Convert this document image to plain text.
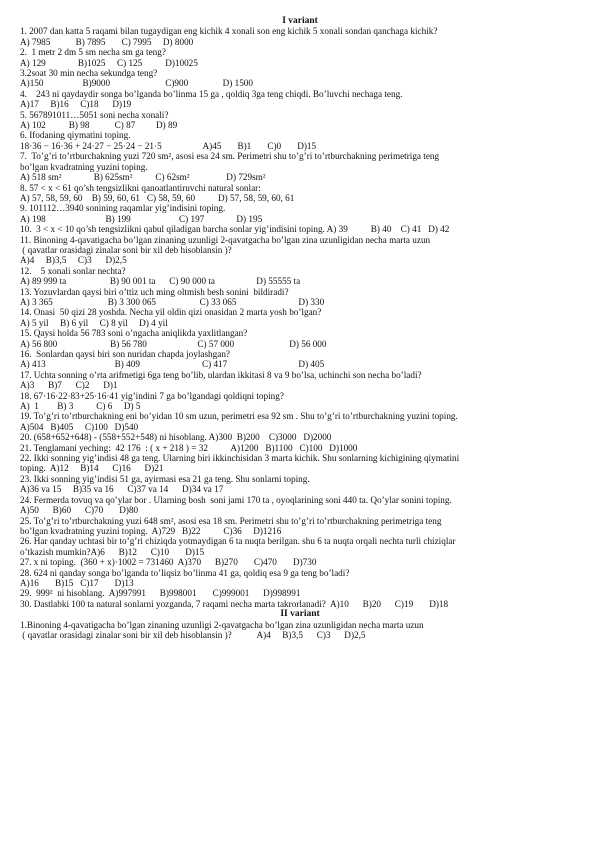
I variant
1. 2007 dan katta 5 raqami bilan tugaydigan eng kichik 4 xonali son eng kichik 5 xonali sondan qanchaga kichik?
A) 7985           B) 7895       C) 7995     D) 8000
2.  1 metr 2 dm 5 sm necha sm ga teng?
A) 129              B)1025     C) 125          D)10025
3.2soat 30 min necha sekundga teng?
A)150                 B)9000                        C)900               D) 1500
4.    243 ni qaydaydir songa bo’lganda bo’linma 15 ga , qoldiq 3ga teng chiqdi. Bo’luvchi nechaga teng.
A)17     B)16     C)18      D)19
5. 567891011…5051 soni necha xonali?
A) 102          B) 98           C) 87         D) 89
6. Ifodaning qiymatini toping.
18·36 − 16·36 + 24·27 − 25·24 − 21·5                  A)45       B)1       C)0       D)15
7.  To’g’ri to’rtburchakning yuzi 720 sm², asosi esa 24 sm. Perimetri shu to’g’ri to’rtburchakning perimetriga teng
bo’lgan kvadratning yuzini toping.
A) 518 sm²              B) 625sm²          C) 62sm²                D) 729sm²
8. 57 < x < 61 qo’sh tengsizlikni qanoatlantiruvchi natural sonlar:
A) 57, 58, 59, 60    B) 59, 60, 61   C) 58, 59, 60          D) 57, 58, 59, 60, 61
9. 101112…3940 sonining raqamlar yig’indisini toping.
A) 198                          B) 199                     C) 197              D) 195
10.  3 < x < 10 qo’sh tengsizlikni qabul qiladigan barcha sonlar yig’indisini toping. A) 39          B) 40    C) 41   D) 42
11. Binoning 4-qavatigacha bo’lgan zinaning uzunligi 2-qavatgacha bo’lgan zina uzunligidan necha marta uzun
( qavatlar orasidagi zinalar soni bir xil deb hisoblansin )?
A)4     B)3,5     C)3      D)2,5
12.    5 xonali sonlar nechta?
A) 89 999 ta                   B) 90 001 ta      C) 90 000 ta                  D) 55555 ta
13. Yozuvlardan qaysi biri o’ttiz uch ming oltmish besh sonini  bildiradi?
A) 3 365                        B) 3 300 065                   C) 33 065                           D) 330
14. Onasi  50 qizi 28 yoshda. Necha yil oldin qizi onasidan 2 marta yosh bo’lgan?
A) 5 yil     B) 6 yil     C) 8 yil     D) 4 yil
15. Qaysi holda 56 783 soni o’ngacha aniqlikda yaxlitlangan?
A) 56 800                       B) 56 780                      C) 57 000                        D) 56 000
16.  Sonlardan qaysi biri son nuridan chapda joylashgan?
A) 413                              B) 409                           C) 417                               D) 405
17. Uchta sonning o’rta arifmetigi 6ga teng bo’lib, ulardan ikkitasi 8 va 9 bo’lsa, uchinchi son necha bo’ladi?
A)3      B)7      C)2      D)1
18. 67·16·22·83+25·16·41 yig’indini 7 ga bo’lgandagi qoldiqni toping?
A)  1        B) 3          C) 6     D) 5
19. To’g’ri to’rtburchakning eni bo’yidan 10 sm uzun, perimetri esa 92 sm . Shu to’g’ri to’rtburchakning yuzini toping.
A)504   B)405     C)100   D)540
20. (658+652+648) - (558+552+548) ni hisoblang. A)300  B)200    C)3000   D)2000
21. Tenglamani yeching:  42 176  : ( x + 218 ) = 32          A)1200   B)1100   C)100   D)1000
22. Ikki sonning yig’indisi 48 ga teng. Ularning biri ikkinchisidan 3 marta kichik. Shu sonlarning kichigining qiymatini
toping.  A)12     B)14      C)16      D)21
23. Ikki sonning yig’indisi 51 ga, ayirmasi esa 21 ga teng. Shu sonlarni toping.
A)36 va 15     B)35 va 16      C)37 va 14      D)34 va 17
24. Fermerda tovuq va qo’ylar bor . Ularning bosh  soni jami 170 ta , oyoqlarining soni 440 ta. Qo’ylar sonini toping.
A)50      B)60      C)70       D)80
25. To’g’ri to’rtburchakning yuzi 648 sm², asosi esa 18 sm. Perimetri shu to’g’ri to’rtburchakning perimetriga teng
bo’lgan kvadratning yuzini toping.  A)729   B)22          C)36     D)1216
26. Har qanday uchtasi bir to’g’ri chiziqda yotmaydigan 6 ta nuqta berilgan. shu 6 ta nuqta orqali nechta turli chiziqlar
o’tkazish mumkin?A)6      B)12      C)10       D)15
27. x ni toping.  (360 + x)·1002 = 731460  A)370      B)270       C)470       D)730
28. 624 ni qanday songa bo’lganda to’liqsiz bo’linma 41 ga, qoldiq esa 9 ga teng bo’ladi?
A)16       B)15   C)17       D)13
29.  999²  ni hisoblang.  A)997991      B)998001       C)999001      D)998991
30. Dastlabki 100 ta natural sonlarni yozganda, 7 raqami necha marta takrorlanadi?  A)10      B)20      C)19       D)18
II variant
1.Binoning 4-qavatigacha bo’lgan zinaning uzunligi 2-qavatgacha bo’lgan zina uzunligidan necha marta uzun
( qavatlar orasidagi zinalar soni bir xil deb hisoblansin )?           A)4     B)3,5      C)3      D)2,5
